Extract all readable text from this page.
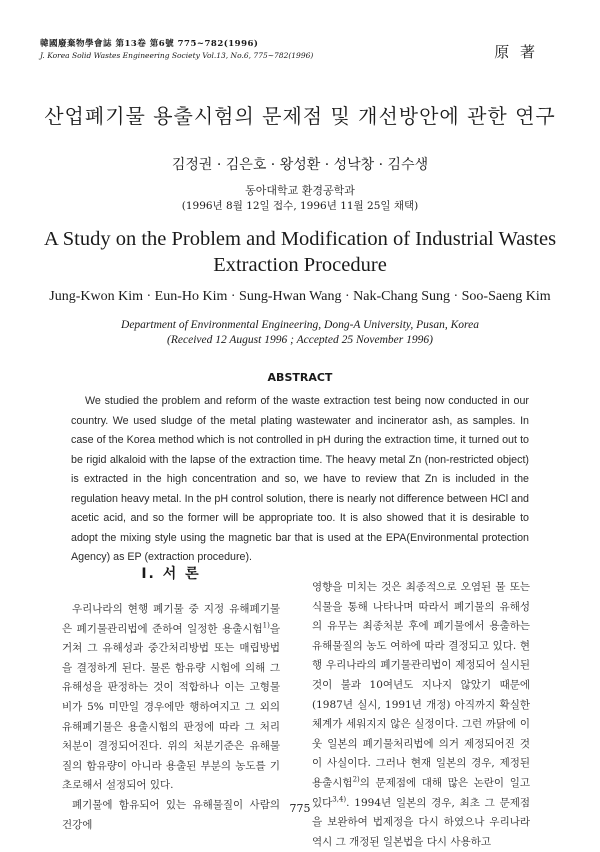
韓國廢棄物學會誌 第13卷 第6號 775~782(1996)
J. Korea Solid Wastes Engineering Society Vol.13, No.6, 775~782(1996)	原 著
산업폐기물 용출시험의 문제점 및 개선방안에 관한 연구
김정권 · 김은호 · 왕성환 · 성낙창 · 김수생
동아대학교 환경공학과
(1996년 8월 12일 접수, 1996년 11월 25일 채택)
A Study on the Problem and Modification of Industrial Wastes
Extraction Procedure
Jung-Kwon Kim · Eun-Ho Kim · Sung-Hwan Wang · Nak-Chang Sung · Soo-Saeng Kim
Department of Environmental Engineering, Dong-A University, Pusan, Korea
(Received 12 August 1996 ; Accepted 25 November 1996)
ABSTRACT

We studied the problem and reform of the waste extraction test being now conducted in our country. We used sludge of the metal plating wastewater and incinerator ash, as samples. In case of the Korea method which is not controlled in pH during the extraction time, it turned out to be rigid alkaloid with the lapse of the extraction time. The heavy metal Zn (non-restricted object) is extracted in the high concentration and so, we have to review that Zn is included in the regulation heavy metal. In the pH control solution, there is nearly not difference between HCl and acetic acid, and so the former will be appropriate too. It is also showed that it is desirable to adopt the mixing style using the magnetic bar that is used at the EPA(Environmental protection Agency) as EP (extraction procedure).

I. 서 론

우리나라의 현행 폐기물 중 지정 유해폐기물은 폐기물관리법에 준하여 일정한 용출시험$^{1)}$을 거쳐 그 유해성과 중간처리방법 또는 매립방법을 결정하게 된다. 물론 함유량 시험에 의해 그 유해성을 판정하는 것이 적합하나 이는 고형물 비가 5% 미만일 경우에만 행하여지고 그 외의 유해폐기물은 용출시험의 판정에 따라 그 처리 처분이 결정되어진다. 위의 처분기준은 유해물질의 함유량이 아니라 용출된 부분의 농도를 기초로해서 설정되어 있다.

폐기물에 함유되어 있는 유해물질이 사람의 건강에

영향을 미치는 것은 최종적으로 오염된 물 또는 식물을 통해 나타나며 따라서 폐기물의 유해성의 유무는 최종처분 후에 폐기물에서 용출하는 유해물질의 농도 여하에 따라 결정되고 있다. 현행 우리나라의 폐기물관리법이 제정되어 실시된 것이 불과 10여년도 지나지 않았기 때문에 (1987년 실시, 1991년 개정) 아직까지 확실한 체계가 세워지지 않은 실정이다. 그런 까닭에 이웃 일본의 폐기물처리법에 의거 제정되어진 것이 사실이다. 그러나 현재 일본의 경우, 제정된 용출시험$^{2)}$의 문제점에 대해 많은 논란이 일고 있다$^{3,4)}$. 1994년 일본의 경우, 최초 그 문제점을 보완하여 법제정을 다시 하였으나 우리나라 역시 그 개정된 일본법을 다시 사용하고

775
